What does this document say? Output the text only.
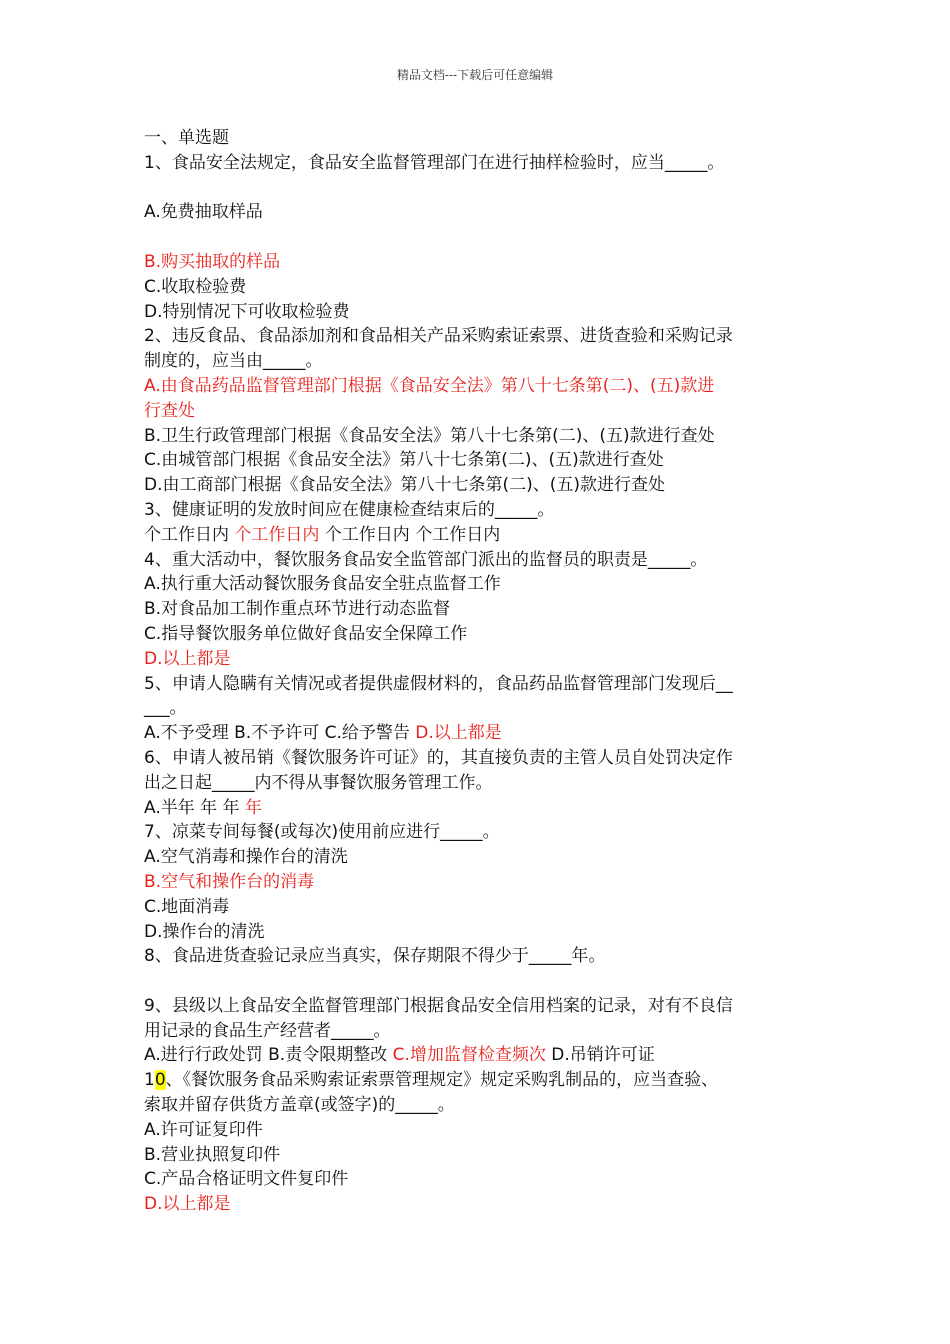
精品文档---下载后可任意编辑

一、单选题

1、食品安全法规定，食品安全监督管理部门在进行抽样检验时，应当_____。

A.免费抽取样品

B.购买抽取的样品

C.收取检验费

D.特别情况下可收取检验费

2、违反食品、食品添加剂和食品相关产品采购索证索票、进货查验和采购记录

制度的，应当由_____。

A.由食品药品监督管理部门根据《食品安全法》第八十七条第(二)、(五)款进

行查处

B.卫生行政管理部门根据《食品安全法》第八十七条第(二)、(五)款进行查处

C.由城管部门根据《食品安全法》第八十七条第(二)、(五)款进行查处

D.由工商部门根据《食品安全法》第八十七条第(二)、(五)款进行查处

3、健康证明的发放时间应在健康检查结束后的_____。

个工作日内 个工作日内 个工作日内 个工作日内

4、重大活动中，餐饮服务食品安全监管部门派出的监督员的职责是_____。

A.执行重大活动餐饮服务食品安全驻点监督工作

B.对食品加工制作重点环节进行动态监督

C.指导餐饮服务单位做好食品安全保障工作

D.以上都是

5、申请人隐瞒有关情况或者提供虚假材料的，食品药品监督管理部门发现后__

___。

A.不予受理 B.不予许可 C.给予警告 D.以上都是

6、申请人被吊销《餐饮服务许可证》的，其直接负责的主管人员自处罚决定作

出之日起_____内不得从事餐饮服务管理工作。

A.半年 年 年 年

7、凉菜专间每餐(或每次)使用前应进行_____。

A.空气消毒和操作台的清洗

B.空气和操作台的消毒

C.地面消毒

D.操作台的清洗

8、食品进货查验记录应当真实，保存期限不得少于_____年。

9、县级以上食品安全监督管理部门根据食品安全信用档案的记录，对有不良信

用记录的食品生产经营者_____。

A.进行行政处罚 B.责令限期整改 C.增加监督检查频次 D.吊销许可证

10、《餐饮服务食品采购索证索票管理规定》规定采购乳制品的，应当查验、

索取并留存供货方盖章(或签字)的_____。

A.许可证复印件

B.营业执照复印件

C.产品合格证明文件复印件

D.以上都是
